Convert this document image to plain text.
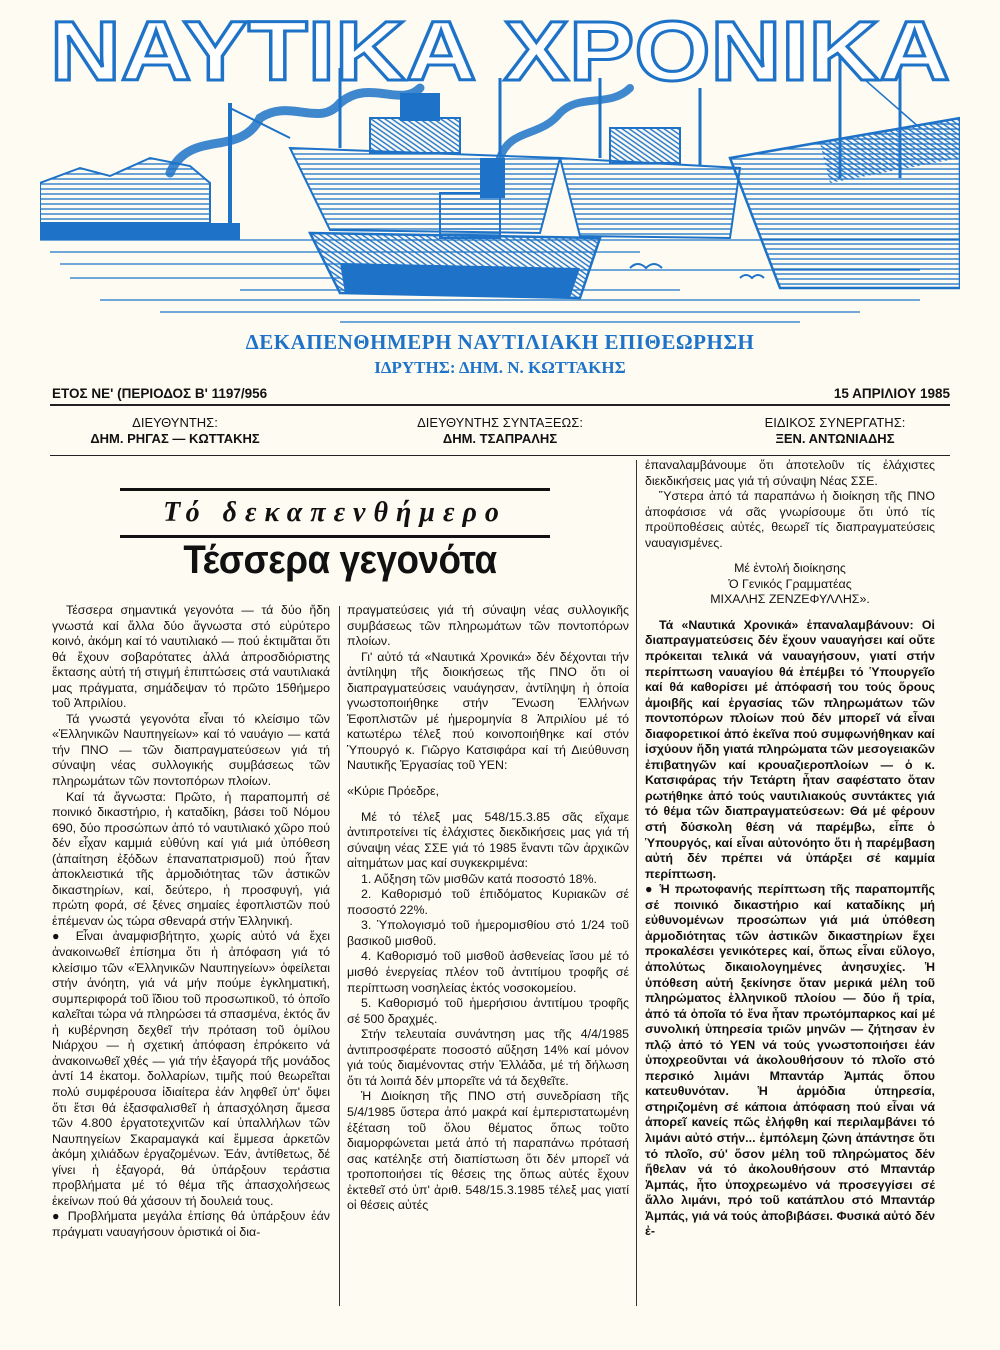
ΝΑΥΤΙΚΑ ΧΡΟΝΙΚΑ
ΔΕΚΑΠΕΝΘΗΜΕΡΗ ΝΑΥΤΙΛΙΑΚΗ ΕΠΙΘΕΩΡΗΣΗ
ΙΔΡΥΤΗΣ: ΔΗΜ. Ν. ΚΩΤΤΑΚΗΣ
ΕΤΟΣ ΝΕ' (ΠΕΡΙΟΔΟΣ Β' 1197/956	15 ΑΠΡΙΛΙΟΥ 1985
ΔΙΕΥΘΥΝΤΗΣ:
ΔΗΜ. ΡΗΓΑΣ — ΚΩΤΤΑΚΗΣ
ΔΙΕΥΘΥΝΤΗΣ ΣΥΝΤΑΞΕΩΣ:
ΔΗΜ. ΤΣΑΠΡΑΛΗΣ
ΕΙΔΙΚΟΣ ΣΥΝΕΡΓΑΤΗΣ:
ΞΕΝ. ΑΝΤΩΝΙΑΔΗΣ
Τό δεκαπενθήμερο
Τέσσερα γεγονότα

Τέσσερα σημαντικά γεγονότα — τά δύο ἤδη γνωστά καί ἄλλα δύο ἄγνωστα στό εὐρύτερο κοινό, ἀκόμη καί τό ναυτιλιακό — πού ἐκτιμᾶται ὅτι θά ἔχουν σοβαρότατες ἀλλά ἀπροσδιόριστης ἔκτασης αὐτή τή στιγμή ἐπιπτώσεις στά ναυτιλιακά μας πράγματα, σημάδεψαν τό πρῶτο 15θήμερο τοῦ Ἀπριλίου.

Τά γνωστά γεγονότα εἶναι τό κλείσιμο τῶν «Ἑλληνικῶν Ναυπηγείων» καί τό ναυάγιο — κατά τήν ΠΝΟ — τῶν διαπραγματεύσεων γιά τή σύναψη νέας συλλογικής συμβάσεως τῶν πληρωμάτων τῶν ποντοπόρων πλοίων.

Καί τά ἄγνωστα: Πρῶτο, ἡ παραπομπή σέ ποινικό δικαστήριο, ἡ καταδίκη, βάσει τοῦ Νόμου 690, δύο προσώπων ἀπό τό ναυτιλιακό χῶρο πού δέν εἶχαν καμμιά εὐθύνη καί γιά μιά ὑπόθεση (ἀπαίτηση ἐξόδων ἐπαναπατρισμοῦ) πού ἦταν ἀποκλειστικά τῆς ἁρμοδιότητας τῶν ἀστικῶν δικαστηρίων, καί, δεύτερο, ἡ προσφυγή, γιά πρώτη φορά, σέ ξένες σημαίες ἐφοπλιστῶν πού ἐπέμεναν ὡς τώρα σθεναρά στήν Ἑλληνική.

● Εἶναι ἀναμφισβήτητο, χωρίς αὐτό νά ἔχει ἀνακοινωθεῖ ἐπίσημα ὅτι ἡ ἀπόφαση γιά τό κλείσιμο τῶν «Ἑλληνικῶν Ναυπηγείων» ὀφείλεται στήν ἀνόητη, γιά νά μήν πούμε ἐγκληματική, συμπεριφορά τοῦ ἴδιου τοῦ προσωπικοῦ, τό ὁποῖο καλεῖται τώρα νά πληρώσει τά σπασμένα, ἐκτός ἄν ἡ κυβέρνηση δεχθεῖ τήν πρόταση τοῦ ὁμίλου Νιάρχου — ἡ σχετική ἀπόφαση ἐπρόκειτο νά ἀνακοινωθεῖ χθές — γιά τήν ἐξαγορά τῆς μονάδος ἀντί 14 ἑκατομ. δολλαρίων, τιμῆς πού θεωρεῖται πολύ συμφέρουσα ἰδιαίτερα ἐάν ληφθεῖ ὑπ' ὄψει ὅτι ἔτσι θά ἐξασφαλισθεῖ ἡ ἀπασχόληση ἄμεσα τῶν 4.800 ἐργατοτεχνιτῶν καί ὑπαλλήλων τῶν Ναυπηγείων Σκαραμαγκά καί ἔμμεσα ἀρκετῶν ἀκόμη χιλιάδων ἐργαζομένων. Ἐάν, ἀντίθετως, δέ γίνει ἡ ἐξαγορά, θά ὑπάρξουν τεράστια προβλήματα μέ τό θέμα τῆς ἀπασχολήσεως ἐκείνων πού θά χάσουν τή δουλειά τους.

● Προβλήματα μεγάλα ἐπίσης θά ὑπάρξουν ἐάν πράγματι ναυαγήσουν ὁριστικά οἱ δια-

πραγματεύσεις γιά τή σύναψη νέας συλλογικῆς συμβάσεως τῶν πληρωμάτων τῶν ποντοπόρων πλοίων.

Γι' αὐτό τά «Ναυτικά Χρονικά» δέν δέχονται τήν ἀντίληψη τῆς διοικήσεως τῆς ΠΝΟ ὅτι οἱ διαπραγματεύσεις ναυάγησαν, ἀντίληψη ἡ ὁποία γνωστοποιήθηκε στήν Ἕνωση Ἑλλήνων Ἐφοπλιστῶν μέ ἡμερομηνία 8 Ἀπριλίου μέ τό κατωτέρω τέλεξ πού κοινοποιήθηκε καί στόν Ὑπουργό κ. Γιῶργο Κατσιφάρα καί τή Διεύθυνση Ναυτικῆς Ἐργασίας τοῦ ΥΕΝ:

«Κύριε Πρόεδρε,

Μέ τό τέλεξ μας 548/15.3.85 σᾶς εἴχαμε ἀντιπροτείνει τίς ἐλάχιστες διεκδικήσεις μας γιά τή σύναψη νέας ΣΣΕ γιά τό 1985 ἔναντι τῶν ἀρχικῶν αἰτημάτων μας καί συγκεκριμένα:

1. Αὔξηση τῶν μισθῶν κατά ποσοστό 18%.

2. Καθορισμό τοῦ ἐπιδόματος Κυριακῶν σέ ποσοστό 22%.

3. Ὑπολογισμό τοῦ ἡμερομισθίου στό 1/24 τοῦ βασικοῦ μισθοῦ.

4. Καθορισμό τοῦ μισθοῦ ἀσθενείας ἴσου μέ τό μισθό ἐνεργείας πλέον τοῦ ἀντιτίμου τροφῆς σέ περίπτωση νοσηλείας ἐκτός νοσοκομείου.

5. Καθορισμό τοῦ ἡμερήσιου ἀντιτίμου τροφῆς σέ 500 δραχμές.

Στήν τελευταία συνάντηση μας τῆς 4/4/1985 ἀντιπροσφέρατε ποσοστό αὔξηση 14% καί μόνον γιά τούς διαμένοντας στήν Ἑλλάδα, μέ τή δήλωση ὅτι τά λοιπά δέν μπορεῖτε νά τά δεχθεῖτε.

Ἡ Διοίκηση τῆς ΠΝΟ στή συνεδρίαση τῆς 5/4/1985 ὕστερα ἀπό μακρά καί ἐμπεριστατωμένη ἐξέταση τοῦ ὅλου θέματος ὅπως τοῦτο διαμορφώνεται μετά ἀπό τή παραπάνω πρότασή σας κατέληξε στή διαπίστωση ὅτι δέν μπορεῖ νά τροποποιήσει τίς θέσεις της ὅπως αὐτές ἔχουν ἐκτεθεῖ στό ὑπ' ἀριθ. 548/15.3.1985 τέλεξ μας γιατί οἱ θέσεις αὐτές

ἐπαναλαμβάνουμε ὅτι ἀποτελοῦν τίς ἐλάχιστες διεκδικήσεις μας γιά τή σύναψη Νέας ΣΣΕ.

Ὕστερα ἀπό τά παραπάνω ἡ διοίκηση τῆς ΠΝΟ ἀποφάσισε νά σᾶς γνωρίσουμε ὅτι ὑπό τίς προϋποθέσεις αὐτές, θεωρεῖ τίς διαπραγματεύσεις ναυαγισμένες.

Μέ ἐντολή διοίκησης

Ὁ Γενικός Γραμματέας

ΜΙΧΑΛΗΣ ΖΕΝΖΕΦΥΛΛΗΣ».

Τά «Ναυτικά Χρονικά» ἐπαναλαμβάνουν: Οἱ διαπραγματεύσεις δέν ἔχουν ναυαγήσει καί οὔτε πρόκειται τελικά νά ναυαγήσουν, γιατί στήν περίπτωση ναυαγίου θά ἐπέμβει τό Ὑπουργεῖο καί θά καθορίσει μέ ἀπόφασή του τούς ὅρους ἀμοιβῆς καί ἐργασίας τῶν πληρωμάτων τῶν ποντοπόρων πλοίων πού δέν μπορεῖ νά εἶναι διαφορετικοί ἀπό ἐκεῖνα πού συμφωνήθηκαν καί ἰσχύουν ἤδη γιατά πληρώματα τῶν μεσογειακῶν ἐπιβατηγῶν καί κρουαζιεροπλοίων — ὁ κ. Κατσιφάρας τήν Τετάρτη ἦταν σαφέστατο ὅταν ρωτήθηκε ἀπό τούς ναυτιλιακούς συντάκτες γιά τό θέμα τῶν διαπραγματεύσεων: Θά μέ φέρουν στή δύσκολη θέση νά παρέμβω, εἶπε ὁ Ὑπουργός, καί εἶναι αὐτονόητο ὅτι ἡ παρέμβαση αὐτή δέν πρέπει νά ὑπάρξει σέ καμμία περίπτωση.

● Ἡ πρωτοφανής περίπτωση τῆς παραπομπῆς σέ ποινικό δικαστήριο καί καταδίκης μή εὐθυνομένων προσώπων γιά μιά ὑπόθεση ἁρμοδιότητας τῶν ἀστικῶν δικαστηρίων ἔχει προκαλέσει γενικότερες καί, ὅπως εἶναι εὔλογο, ἀπολύτως δικαιολογημένες ἀνησυχίες. Ἡ ὑπόθεση αὐτή ξεκίνησε ὅταν μερικά μέλη τοῦ πληρώματος ἑλληνικοῦ πλοίου — δύο ἤ τρία, ἀπό τά ὁποῖα τό ἕνα ἦταν πρωτόμπαρκος καί μέ συνολική ὑπηρεσία τριῶν μηνῶν — ζήτησαν ἐν πλῷ ἀπό τό ΥΕΝ νά τούς γνωστοποιήσει ἐάν ὑποχρεοῦνται νά ἀκολουθήσουν τό πλοῖο στό περσικό λιμάνι Μπαντάρ Ἀμπάς ὅπου κατευθυνόταν. Ἡ ἁρμόδια ὑπηρεσία, στηριζομένη σέ κάποια ἀπόφαση πού εἶναι νά ἀπορεῖ κανείς πῶς ἐλήφθη καί περιλαμβάνει τό λιμάνι αὐτό στήν... ἐμπόλεμη ζώνη ἀπάντησε ὅτι τό πλοῖο, σύ' ὅσον μέλη τοῦ πληρώματος δέν ἤθελαν νά τό ἀκολουθήσουν στό Μπαντάρ Ἀμπάς, ἦτο ὑποχρεωμένο νά προσεγγίσει σέ ἄλλο λιμάνι, πρό τοῦ κατάπλου στό Μπαντάρ Ἀμπάς, γιά νά τούς ἀποβιβάσει. Φυσικά αὐτό δέν ἐ-
